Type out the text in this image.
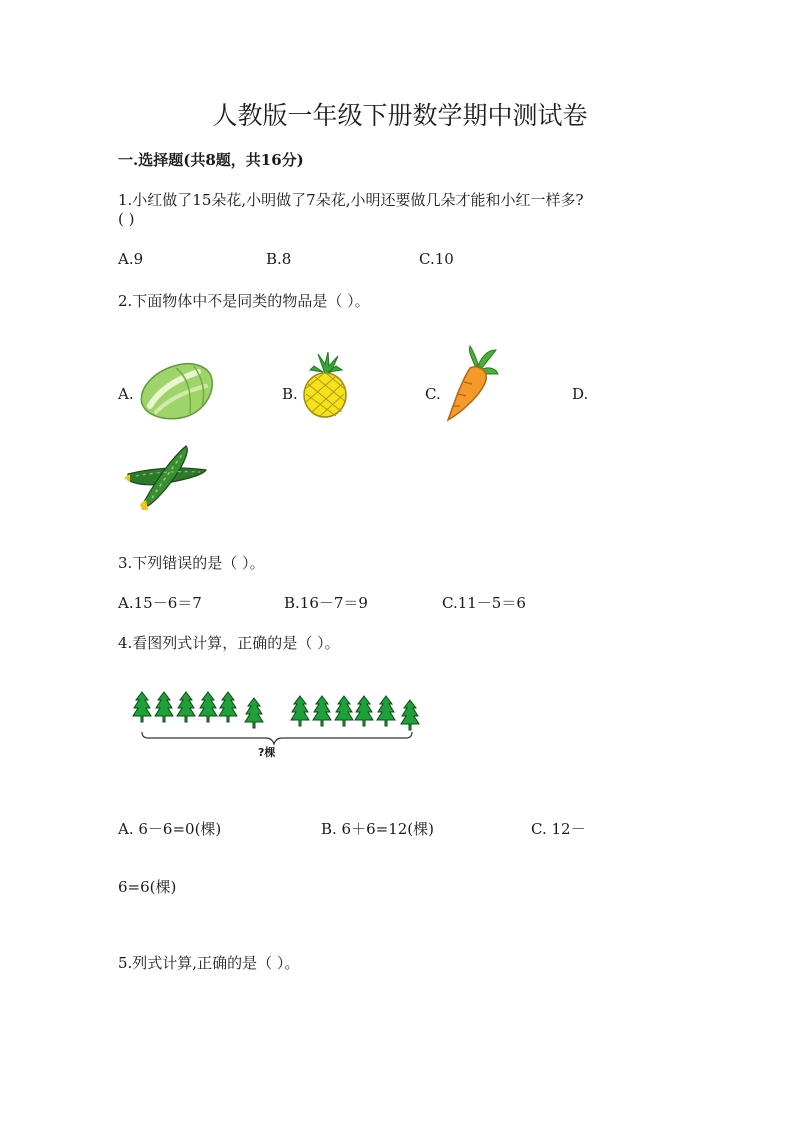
人教版一年级下册数学期中测试卷
一.选择题(共8题，共16分)
1.小红做了15朵花,小明做了7朵花,小明还要做几朵才能和小红一样多?
( )
A.9	B.8	C.10
2.下面物体中不是同类的物品是（ ）。
A.	B.	C.	D.
3.下列错误的是（ ）。
A.15－6＝7	B.16－7＝9	C.11－5＝6
4.看图列式计算，正确的是（ ）。
?棵
A. 6－6=0(棵)	B. 6＋6=12(棵)	C. 12－
6=6(棵)
5.列式计算,正确的是（ ）。
